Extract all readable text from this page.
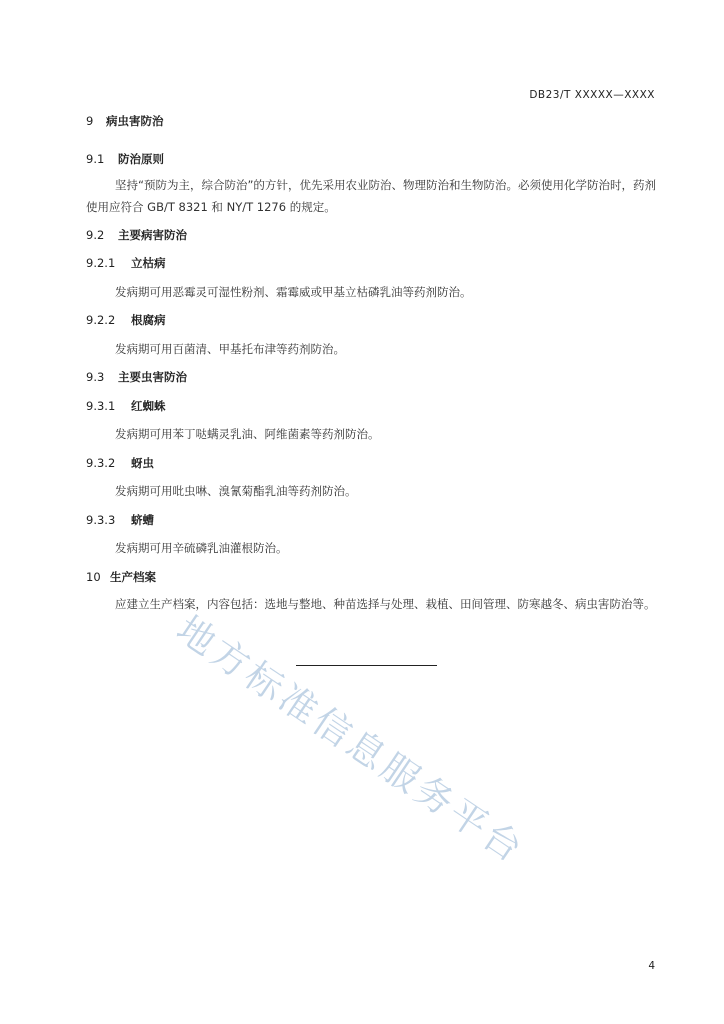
DB23/T XXXXX—XXXX
9 病虫害防治
9.1 防治原则
坚持“预防为主，综合防治”的方针，优先采用农业防治、物理防治和生物防治。必须使用化学防治时，药剂使用应符合 GB/T 8321 和 NY/T 1276 的规定。
9.2 主要病害防治
9.2.1 立枯病
发病期可用恶霉灵可湿性粉剂、霜霉威或甲基立枯磷乳油等药剂防治。
9.2.2 根腐病
发病期可用百菌清、甲基托布津等药剂防治。
9.3 主要虫害防治
9.3.1 红蜘蛛
发病期可用苯丁哒螨灵乳油、阿维菌素等药剂防治。
9.3.2 蚜虫
发病期可用吡虫啉、溴氰菊酯乳油等药剂防治。
9.3.3 蛴螬
发病期可用辛硫磷乳油灌根防治。
10 生产档案
应建立生产档案，内容包括：选地与整地、种苗选择与处理、栽植、田间管理、防寒越冬、病虫害防治等。
地方标准信息服务平台
4
